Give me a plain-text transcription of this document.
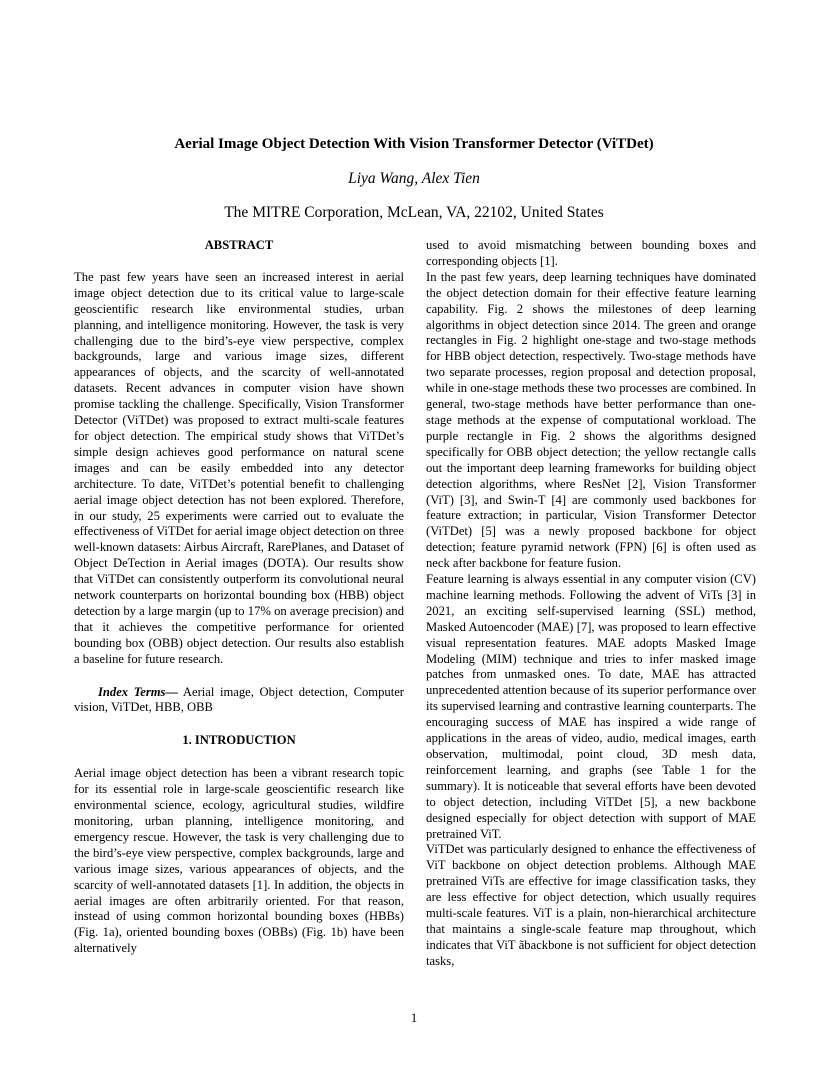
Aerial Image Object Detection With Vision Transformer Detector (ViTDet)
Liya Wang, Alex Tien
The MITRE Corporation, McLean, VA, 22102, United States

ABSTRACT

The past few years have seen an increased interest in aerial image object detection due to its critical value to large-scale geoscientific research like environmental studies, urban planning, and intelligence monitoring. However, the task is very challenging due to the bird’s-eye view perspective, complex backgrounds, large and various image sizes, different appearances of objects, and the scarcity of well-annotated datasets. Recent advances in computer vision have shown promise tackling the challenge. Specifically, Vision Transformer Detector (ViTDet) was proposed to extract multi-scale features for object detection. The empirical study shows that ViTDet’s simple design achieves good performance on natural scene images and can be easily embedded into any detector architecture. To date, ViTDet’s potential benefit to challenging aerial image object detection has not been explored. Therefore, in our study, 25 experiments were carried out to evaluate the effectiveness of ViTDet for aerial image object detection on three well-known datasets: Airbus Aircraft, RarePlanes, and Dataset of Object DeTection in Aerial images (DOTA). Our results show that ViTDet can consistently outperform its convolutional neural network counterparts on horizontal bounding box (HBB) object detection by a large margin (up to 17% on average precision) and that it achieves the competitive performance for oriented bounding box (OBB) object detection. Our results also establish a baseline for future research.

Index Terms— Aerial image, Object detection, Computer vision, ViTDet, HBB, OBB

1. INTRODUCTION

Aerial image object detection has been a vibrant research topic for its essential role in large-scale geoscientific research like environmental science, ecology, agricultural studies, wildfire monitoring, urban planning, intelligence monitoring, and emergency rescue. However, the task is very challenging due to the bird’s-eye view perspective, complex backgrounds, large and various image sizes, various appearances of objects, and the scarcity of well-annotated datasets [1]. In addition, the objects in aerial images are often arbitrarily oriented. For that reason, instead of using common horizontal bounding boxes (HBBs) (Fig. 1a), oriented bounding boxes (OBBs) (Fig. 1b) have been alternatively

used to avoid mismatching between bounding boxes and corresponding objects [1].

In the past few years, deep learning techniques have dominated the object detection domain for their effective feature learning capability. Fig. 2 shows the milestones of deep learning algorithms in object detection since 2014. The green and orange rectangles in Fig. 2 highlight one-stage and two-stage methods for HBB object detection, respectively. Two-stage methods have two separate processes, region proposal and detection proposal, while in one-stage methods these two processes are combined. In general, two-stage methods have better performance than one-stage methods at the expense of computational workload. The purple rectangle in Fig. 2 shows the algorithms designed specifically for OBB object detection; the yellow rectangle calls out the important deep learning frameworks for building object detection algorithms, where ResNet [2], Vision Transformer (ViT) [3], and Swin-T [4] are commonly used backbones for feature extraction; in particular, Vision Transformer Detector (ViTDet) [5] was a newly proposed backbone for object detection; feature pyramid network (FPN) [6] is often used as neck after backbone for feature fusion.

Feature learning is always essential in any computer vision (CV) machine learning methods. Following the advent of ViTs [3] in 2021, an exciting self-supervised learning (SSL) method, Masked Autoencoder (MAE) [7], was proposed to learn effective visual representation features. MAE adopts Masked Image Modeling (MIM) technique and tries to infer masked image patches from unmasked ones. To date, MAE has attracted unprecedented attention because of its superior performance over its supervised learning and contrastive learning counterparts. The encouraging success of MAE has inspired a wide range of applications in the areas of video, audio, medical images, earth observation, multimodal, point cloud, 3D mesh data, reinforcement learning, and graphs (see Table 1 for the summary). It is noticeable that several efforts have been devoted to object detection, including ViTDet [5], a new backbone designed especially for object detection with support of MAE pretrained ViT.

ViTDet was particularly designed to enhance the effectiveness of ViT backbone on object detection problems. Although MAE pretrained ViTs are effective for image classification tasks, they are less effective for object detection, which usually requires multi-scale features. ViT is a plain, non-hierarchical architecture that maintains a single-scale feature map throughout, which indicates that ViT ãbackbone is not sufficient for object detection tasks,

1
